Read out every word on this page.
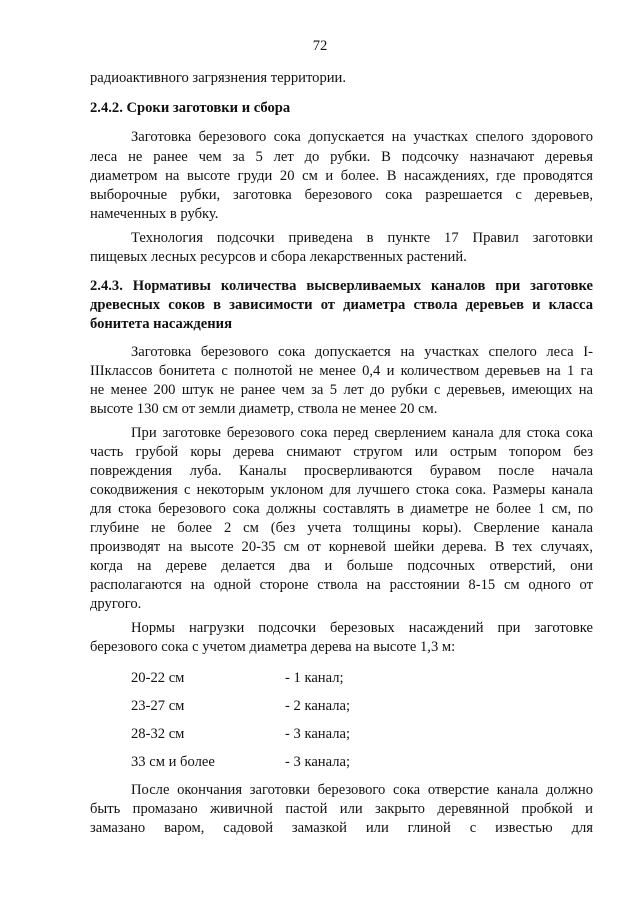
72
радиоактивного загрязнения территории.
2.4.2. Сроки заготовки и сбора
Заготовка березового сока допускается на участках спелого здорового
леса не ранее чем за 5 лет до рубки. В подсочку назначают деревья
диаметром на высоте груди 20 см и более. В насаждениях, где проводятся
выборочные рубки, заготовка березового сока разрешается с деревьев,
намеченных в рубку.
Технология подсочки приведена в пункте 17 Правил заготовки
пищевых лесных ресурсов и сбора лекарственных растений.
2.4.3. Нормативы количества высверливаемых каналов при заготовке
древесных соков в зависимости от диаметра ствола деревьев и класса
бонитета насаждения
Заготовка березового сока допускается на участках спелого леса I-
IIIклассов бонитета с полнотой не менее 0,4 и количеством деревьев на 1 га
не менее 200 штук не ранее чем за 5 лет до рубки с деревьев, имеющих на
высоте 130 см от земли диаметр, ствола не менее 20 см.
При заготовке березового сока перед сверлением канала для стока сока
часть грубой коры дерева снимают стругом или острым топором без
повреждения луба. Каналы просверливаются буравом после начала
сокодвижения с некоторым уклоном для лучшего стока сока. Размеры канала
для стока березового сока должны составлять в диаметре не более 1 см, по
глубине не более 2 см (без учета толщины коры). Сверление канала
производят на высоте 20-35 см от корневой шейки дерева. В тех случаях,
когда на дереве делается два и больше подсочных отверстий, они
располагаются на одной стороне ствола на расстоянии 8-15 см одного от
другого.
Нормы нагрузки подсочки березовых насаждений при заготовке
березового сока с учетом диаметра дерева на высоте 1,3 м:
20-22 см	- 1 канал;
23-27 см	- 2 канала;
28-32 см	- 3 канала;
33 см и более	- 3 канала;
После окончания заготовки березового сока отверстие канала должно
быть промазано живичной пастой или закрыто деревянной пробкой и
замазано варом, садовой замазкой или глиной с известью для
